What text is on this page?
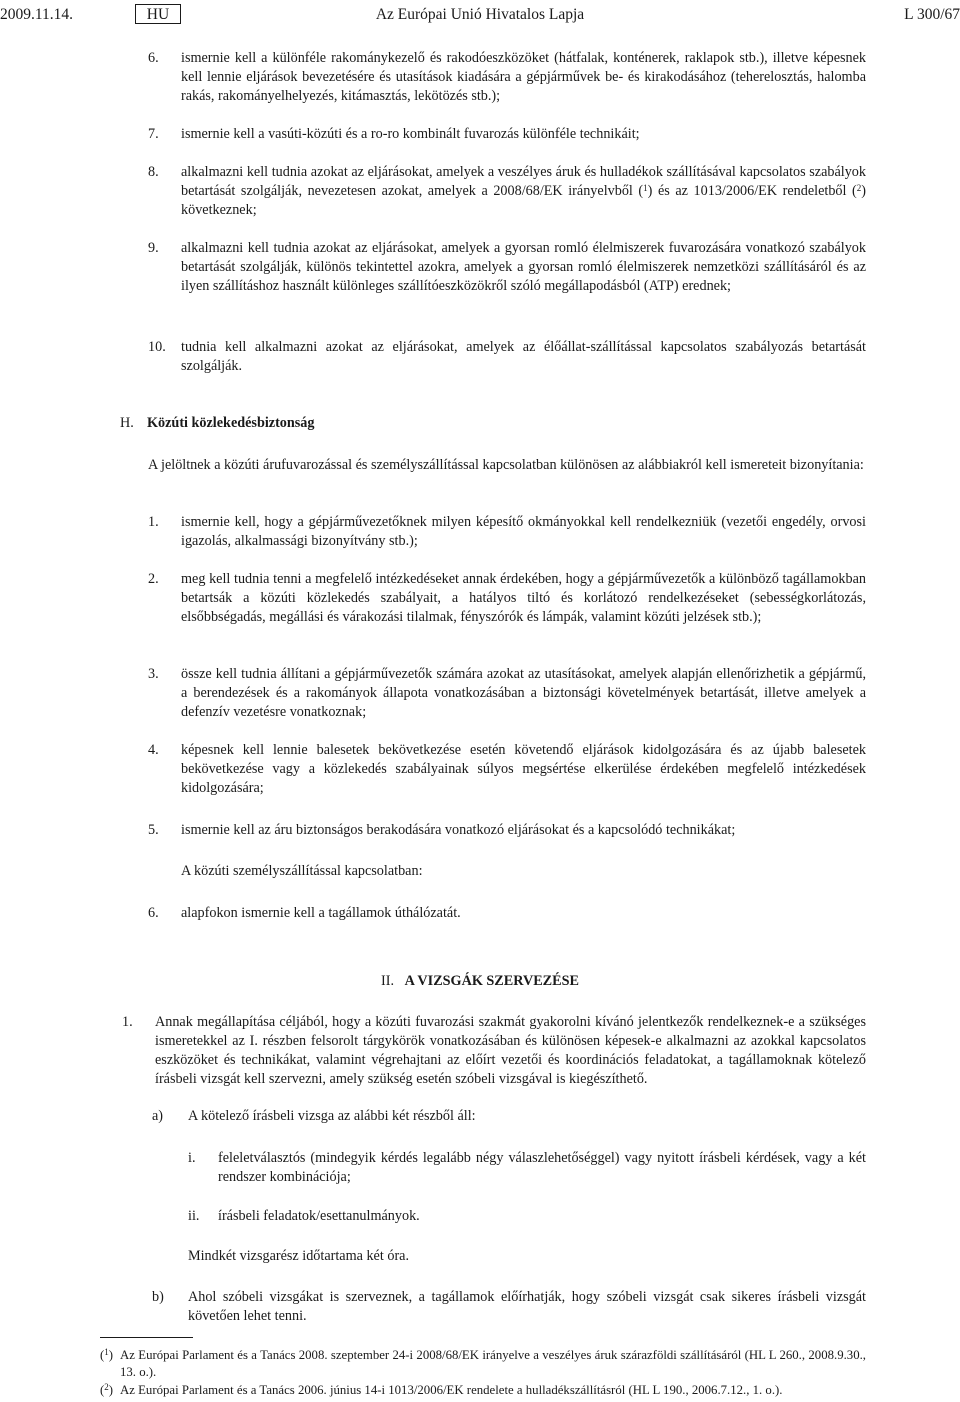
2009.11.14.	Az Európai Unió Hivatalos Lapja
HU	L 300/67
6. ismernie kell a különféle rakománykezelő és rakodóeszközöket (hátfalak, konténerek, raklapok stb.), illetve képesnek kell lennie eljárások bevezetésére és utasítások kiadására a gépjárművek be- és kirakodásához (teherelosztás, halomba rakás, rakományelhelyezés, kitámasztás, lekötözés stb.);
7. ismernie kell a vasúti-közúti és a ro-ro kombinált fuvarozás különféle technikáit;
8. alkalmazni kell tudnia azokat az eljárásokat, amelyek a veszélyes áruk és hulladékok szállításával kapcsolatos szabályok betartását szolgálják, nevezetesen azokat, amelyek a 2008/68/EK irányelvből ($^1$) és az 1013/2006/EK rendeletből ($^2$) következnek;
9. alkalmazni kell tudnia azokat az eljárásokat, amelyek a gyorsan romló élelmiszerek fuvarozására vonatkozó szabályok betartását szolgálják, különös tekintettel azokra, amelyek a gyorsan romló élelmiszerek nemzetközi szállításáról és az ilyen szállításhoz használt különleges szállítóeszközökről szóló megállapodásból (ATP) erednek;
10. tudnia kell alkalmazni azokat az eljárásokat, amelyek az élőállat-szállítással kapcsolatos szabályozás betartását szolgálják.
H. Közúti közlekedésbiztonság
A jelöltnek a közúti árufuvarozással és személyszállítással kapcsolatban különösen az alábbiakról kell ismereteit bizonyítania:
1. ismernie kell, hogy a gépjárművezetőknek milyen képesítő okmányokkal kell rendelkezniük (vezetői engedély, orvosi igazolás, alkalmassági bizonyítvány stb.);
2. meg kell tudnia tenni a megfelelő intézkedéseket annak érdekében, hogy a gépjárművezetők a különböző tagállamokban betartsák a közúti közlekedés szabályait, a hatályos tiltó és korlátozó rendelkezéseket (sebességkorlátozás, elsőbbségadás, megállási és várakozási tilalmak, fényszórók és lámpák, valamint közúti jelzések stb.);
3. össze kell tudnia állítani a gépjárművezetők számára azokat az utasításokat, amelyek alapján ellenőrizhetik a gépjármű, a berendezések és a rakományok állapota vonatkozásában a biztonsági követelmények betartását, illetve amelyek a defenzív vezetésre vonatkoznak;
4. képesnek kell lennie balesetek bekövetkezése esetén követendő eljárások kidolgozására és az újabb balesetek bekövetkezése vagy a közlekedés szabályainak súlyos megsértése elkerülése érdekében megfelelő intézkedések kidolgozására;
5. ismernie kell az áru biztonságos berakodására vonatkozó eljárásokat és a kapcsolódó technikákat;
A közúti személyszállítással kapcsolatban:
6. alapfokon ismernie kell a tagállamok úthálózatát.
II. A VIZSGÁK SZERVEZÉSE
1. Annak megállapítása céljából, hogy a közúti fuvarozási szakmát gyakorolni kívánó jelentkezők rendelkeznek-e a szükséges ismeretekkel az I. részben felsorolt tárgykörök vonatkozásában és különösen képesek-e alkalmazni az azokkal kapcsolatos eszközöket és technikákat, valamint végrehajtani az előírt vezetői és koordinációs feladatokat, a tagállamoknak kötelező írásbeli vizsgát kell szervezni, amely szükség esetén szóbeli vizsgával is kiegészíthető.
a) A kötelező írásbeli vizsga az alábbi két részből áll:
i. feleletválasztós (mindegyik kérdés legalább négy válaszlehetőséggel) vagy nyitott írásbeli kérdések, vagy a két rendszer kombinációja;
ii. írásbeli feladatok/esettanulmányok.
Mindkét vizsgarész időtartama két óra.
b) Ahol szóbeli vizsgákat is szerveznek, a tagállamok előírhatják, hogy szóbeli vizsgát csak sikeres írásbeli vizsgát követően lehet tenni.
($^1$) Az Európai Parlament és a Tanács 2008. szeptember 24-i 2008/68/EK irányelve a veszélyes áruk szárazföldi szállításáról (HL L 260., 2008.9.30., 13. o.).
($^2$) Az Európai Parlament és a Tanács 2006. június 14-i 1013/2006/EK rendelete a hulladékszállításról (HL L 190., 2006.7.12., 1. o.).
